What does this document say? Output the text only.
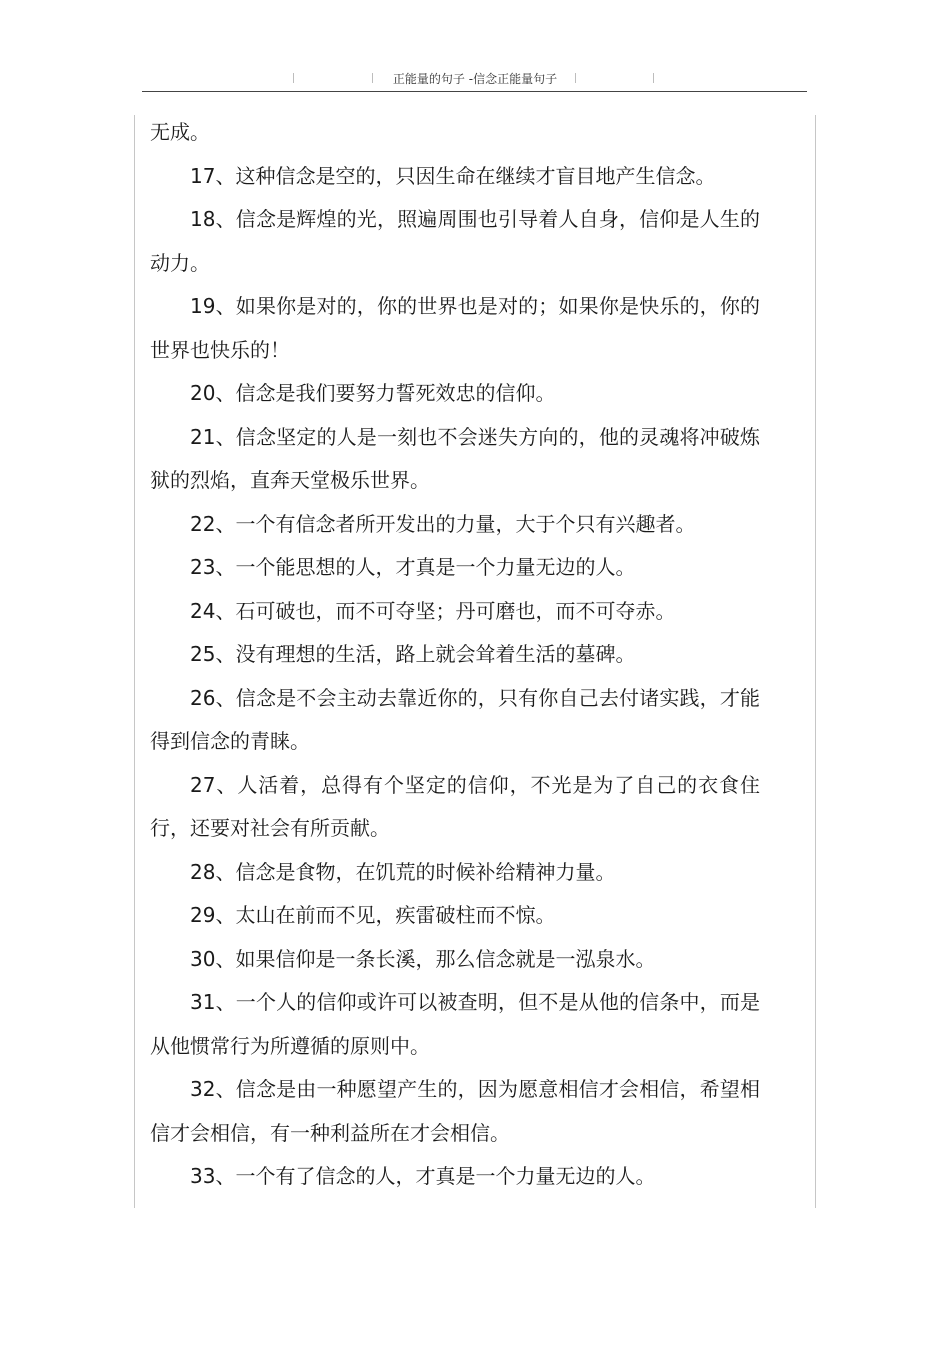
正能量的句子 -信念正能量句子

无成。

17、这种信念是空的，只因生命在继续才盲目地产生信念。

18、信念是辉煌的光，照遍周围也引导着人自身，信仰是人生的动力。

19、如果你是对的，你的世界也是对的；如果你是快乐的，你的世界也快乐的！

20、信念是我们要努力誓死效忠的信仰。

21、信念坚定的人是一刻也不会迷失方向的，他的灵魂将冲破炼狱的烈焰，直奔天堂极乐世界。

22、一个有信念者所开发出的力量，大于个只有兴趣者。

23、一个能思想的人，才真是一个力量无边的人。

24、石可破也，而不可夺坚；丹可磨也，而不可夺赤。

25、没有理想的生活，路上就会耸着生活的墓碑。

26、信念是不会主动去靠近你的，只有你自己去付诸实践，才能得到信念的青睐。

27、人活着，总得有个坚定的信仰，不光是为了自己的衣食住行，还要对社会有所贡献。

28、信念是食物，在饥荒的时候补给精神力量。

29、太山在前而不见，疾雷破柱而不惊。

30、如果信仰是一条长溪，那么信念就是一泓泉水。

31、一个人的信仰或许可以被查明，但不是从他的信条中，而是从他惯常行为所遵循的原则中。

32、信念是由一种愿望产生的，因为愿意相信才会相信，希望相信才会相信，有一种利益所在才会相信。

33、一个有了信念的人，才真是一个力量无边的人。
